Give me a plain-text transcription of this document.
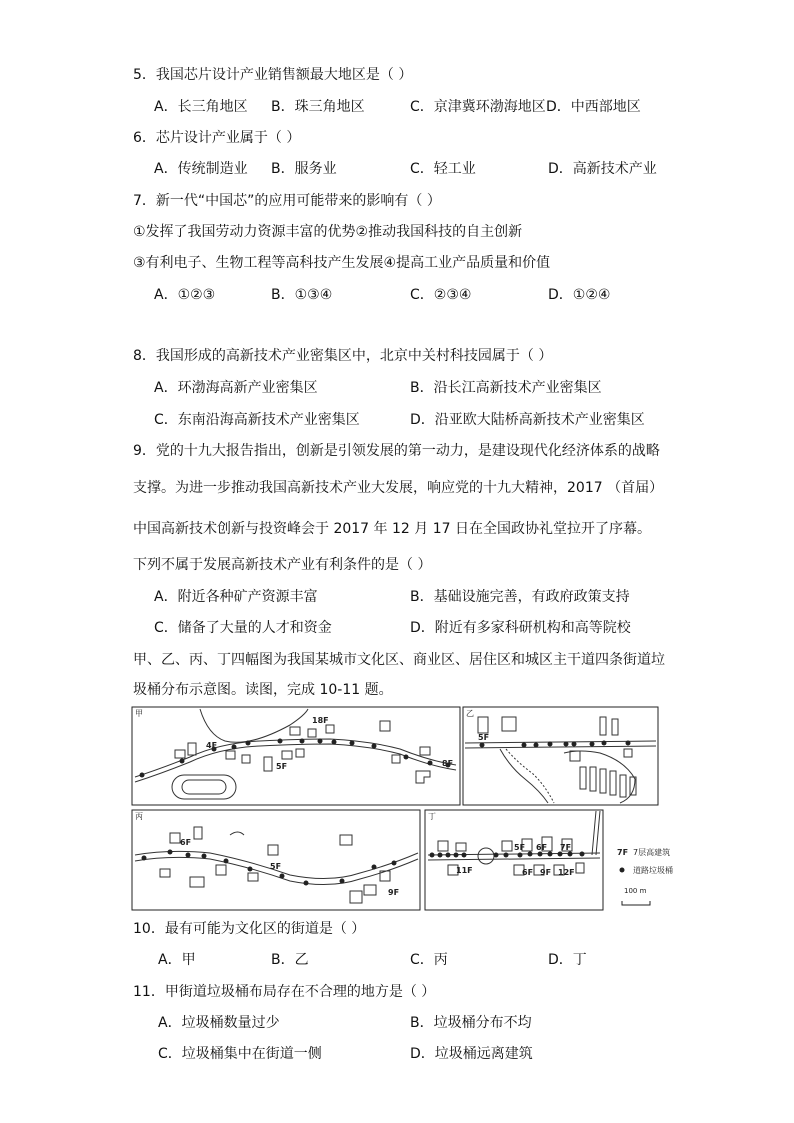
5．我国芯片设计产业销售额最大地区是（ ）
A．长三角地区 B．珠三角地区	C．京津冀环渤海地区 D．中西部地区
6．芯片设计产业属于（ ）
A．传统制造业 B．服务业	C．轻工业	D．高新技术产业
7．新一代“中国芯”的应用可能带来的影响有（ ）
①发挥了我国劳动力资源丰富的优势②推动我国科技的自主创新
③有利电子、生物工程等高科技产生发展④提高工业产品质量和价值
A．①②③	B．①③④	C．②③④	D．①②④
8．我国形成的高新技术产业密集区中，北京中关村科技园属于（ ）
A．环渤海高新产业密集区	B．沿长江高新技术产业密集区
C．东南沿海高新技术产业密集区	D．沿亚欧大陆桥高新技术产业密集区
9．党的十九大报告指出，创新是引领发展的第一动力，是建设现代化经济体系的战略
支撑。为进一步推动我国高新技术产业大发展，响应党的十九大精神，2017 （首届）
中国高新技术创新与投资峰会于 2017 年 12 月 17 日在全国政协礼堂拉开了序幕。
下列不属于发展高新技术产业有利条件的是（ ）
A．附近各种矿产资源丰富	B．基础设施完善，有政府政策支持
C．储备了大量的人才和资金	D．附近有多家科研机构和高等院校
甲、乙、丙、丁四幅图为我国某城市文化区、商业区、居住区和城区主干道四条街道垃
圾桶分布示意图。读图，完成 10-11 题。
甲
4F
18F
5F	8F
乙
5F
丙
6F
5F
9F
丁
5F 6F 7F
11F	6F 9F 12F
7F 7层高建筑
道路垃圾桶
100 m
10．最有可能为文化区的街道是（ ）
A．甲	B．乙	C．丙	D．丁
11．甲街道垃圾桶布局存在不合理的地方是（ ）
A．垃圾桶数量过少	B．垃圾桶分布不均
C．垃圾桶集中在街道一侧	D．垃圾桶远离建筑
